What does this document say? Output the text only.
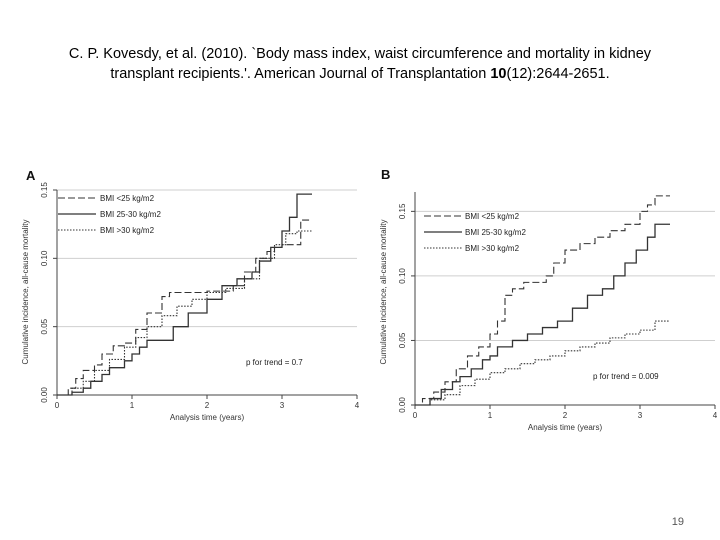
C. P. Kovesdy, et al. (2010). `Body mass index, waist circumference and mortality in kidney
transplant recipients.'. American Journal of Transplantation 10(12):2644-2651.
A
0.00
0.05
0.10
0.15
0	1	2	3	4
Analysis time (years)
Cumulative incidence, all-cause mortality
BMI <25 kg/m2
BMI 25-30 kg/m2
BMI >30 kg/m2
p for trend = 0.7
B
0.00
0.05
0.10
0.15
0	1	2	3	4
Analysis time (years)
Cumulative incidence, all-cause mortality
BMI <25 kg/m2
BMI 25-30 kg/m2
BMI >30 kg/m2
p for trend = 0.009
19
